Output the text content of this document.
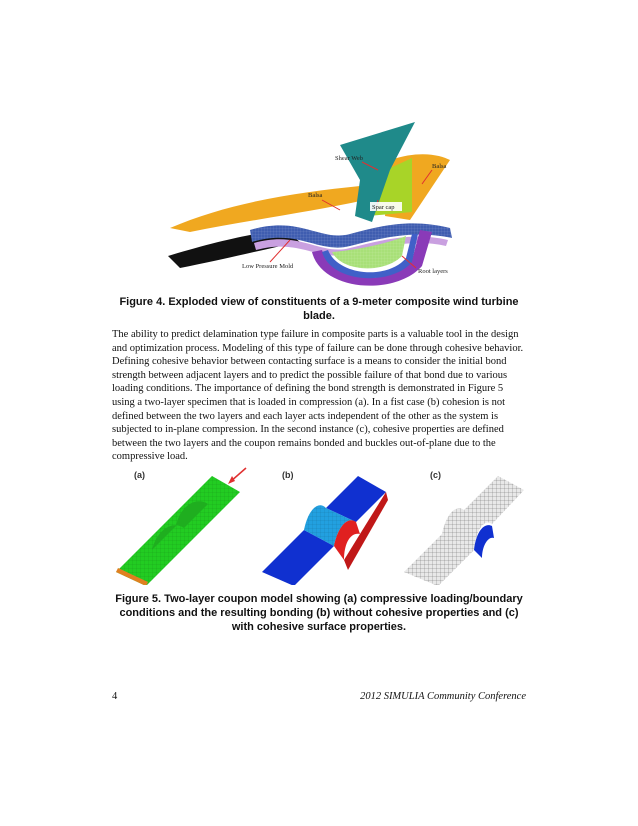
Shear Web
Balsa
Balsa
Spar cap
Low Pressure Mold
Root layers
Figure 4. Exploded view of constituents of a 9-meter composite wind turbine blade.

The ability to predict delamination type failure in composite parts is a valuable tool in the design and optimization process. Modeling of this type of failure can be done through cohesive behavior. Defining cohesive behavior between contacting surface is a means to consider the initial bond strength between adjacent layers and to predict the possible failure of that bond due to various loading conditions. The importance of defining the bond strength is demonstrated in Figure 5 using a two-layer specimen that is loaded in compression (a). In a fist case (b) cohesion is not defined between the two layers and each layer acts independent of the other as the system is subjected to in-plane compression. In the second instance (c), cohesive properties are defined between the two layers and the coupon remains bonded and buckles out-of-plane due to the compressive load.

(a)	(b)	(c)
Figure 5. Two-layer coupon model showing (a) compressive loading/boundary conditions and the resulting bonding (b) without cohesive properties and (c) with cohesive surface properties.
4	2012 SIMULIA Community Conference
